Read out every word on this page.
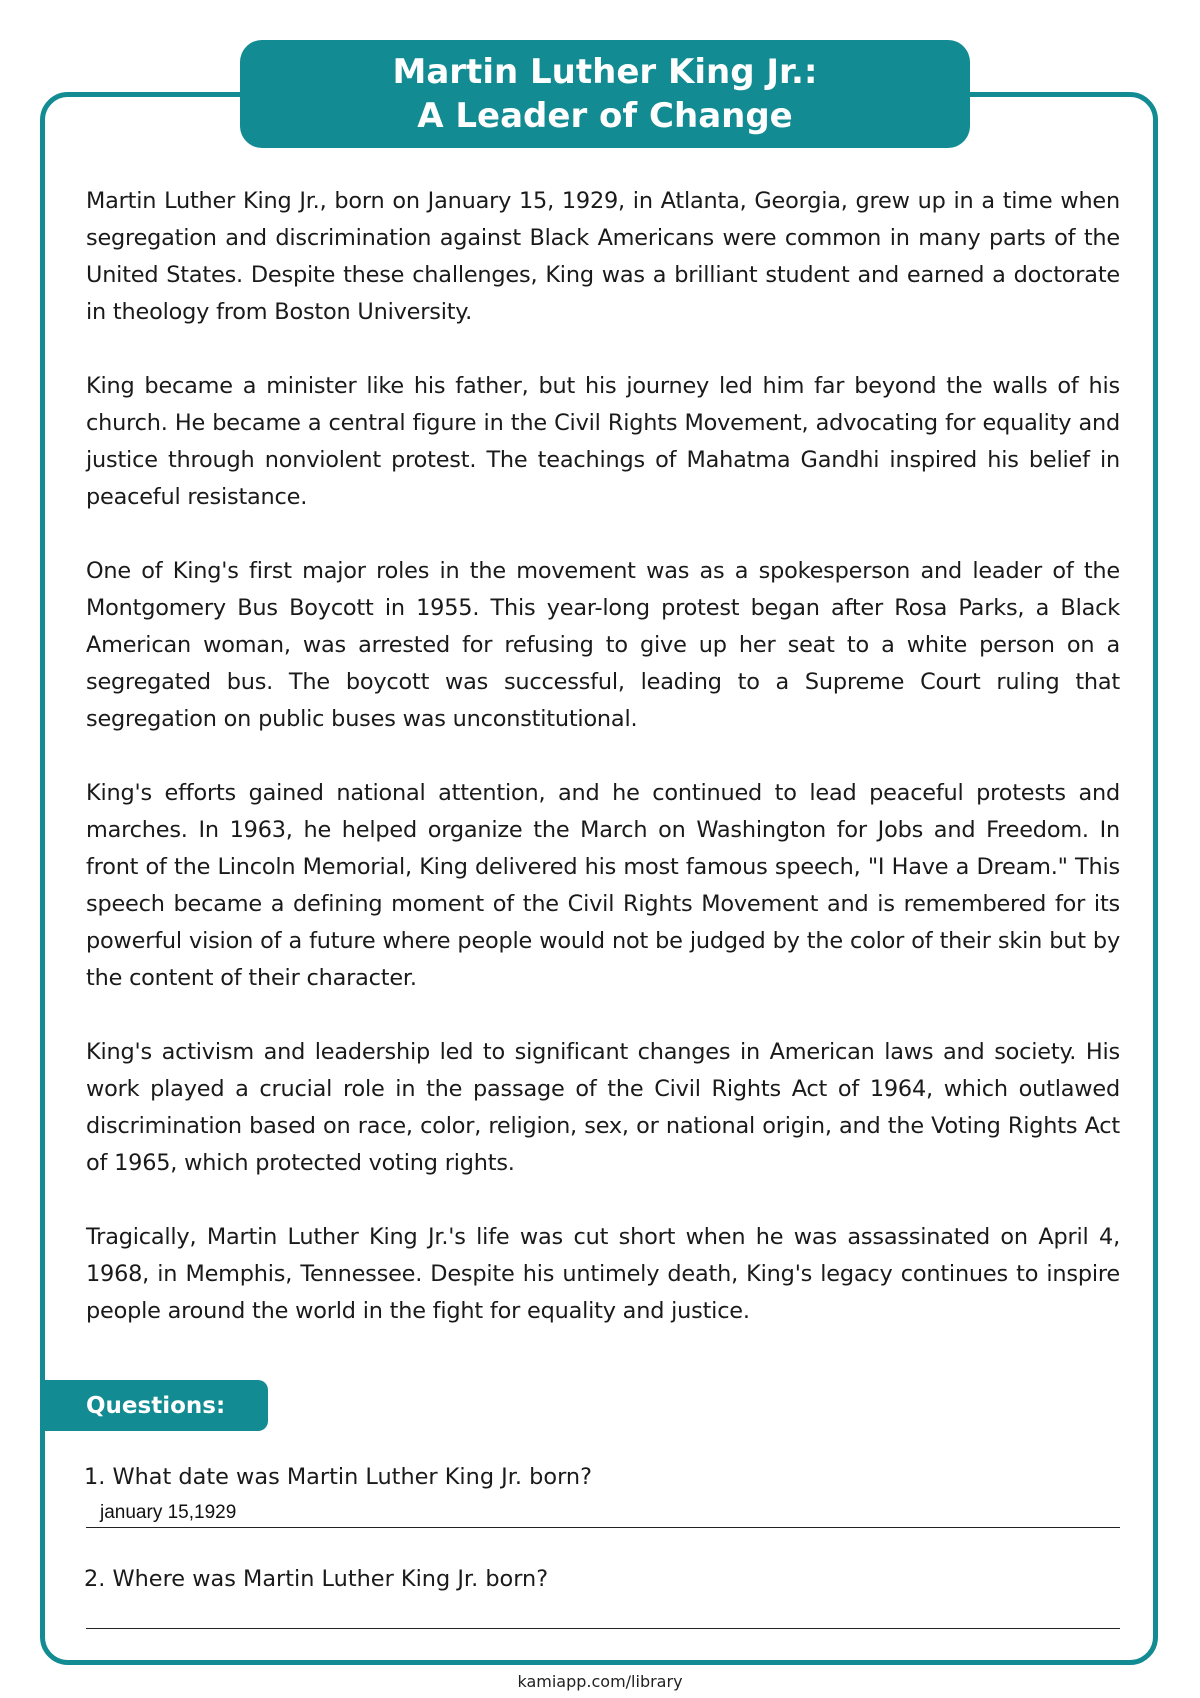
Martin Luther King Jr.:
A Leader of Change

Martin Luther King Jr., born on January 15, 1929, in Atlanta, Georgia, grew up in a time when segregation and discrimination against Black Americans were common in many parts of the United States. Despite these challenges, King was a brilliant student and earned a doctorate in theology from Boston University.

King became a minister like his father, but his journey led him far beyond the walls of his church. He became a central figure in the Civil Rights Movement, advocating for equality and justice through nonviolent protest. The teachings of Mahatma Gandhi inspired his belief in peaceful resistance.

One of King's first major roles in the movement was as a spokesperson and leader of the Montgomery Bus Boycott in 1955. This year-long protest began after Rosa Parks, a Black American woman, was arrested for refusing to give up her seat to a white person on a segregated bus. The boycott was successful, leading to a Supreme Court ruling that segregation on public buses was unconstitutional.

King's efforts gained national attention, and he continued to lead peaceful protests and marches. In 1963, he helped organize the March on Washington for Jobs and Freedom. In front of the Lincoln Memorial, King delivered his most famous speech, "I Have a Dream." This speech became a defining moment of the Civil Rights Movement and is remembered for its powerful vision of a future where people would not be judged by the color of their skin but by the content of their character.

King's activism and leadership led to significant changes in American laws and society. His work played a crucial role in the passage of the Civil Rights Act of 1964, which outlawed discrimination based on race, color, religion, sex, or national origin, and the Voting Rights Act of 1965, which protected voting rights.

Tragically, Martin Luther King Jr.'s life was cut short when he was assassinated on April 4, 1968, in Memphis, Tennessee. Despite his untimely death, King's legacy continues to inspire people around the world in the fight for equality and justice.

Questions:
1. What date was Martin Luther King Jr. born?
january 15,1929
2. Where was Martin Luther King Jr. born?
kamiapp.com/library
